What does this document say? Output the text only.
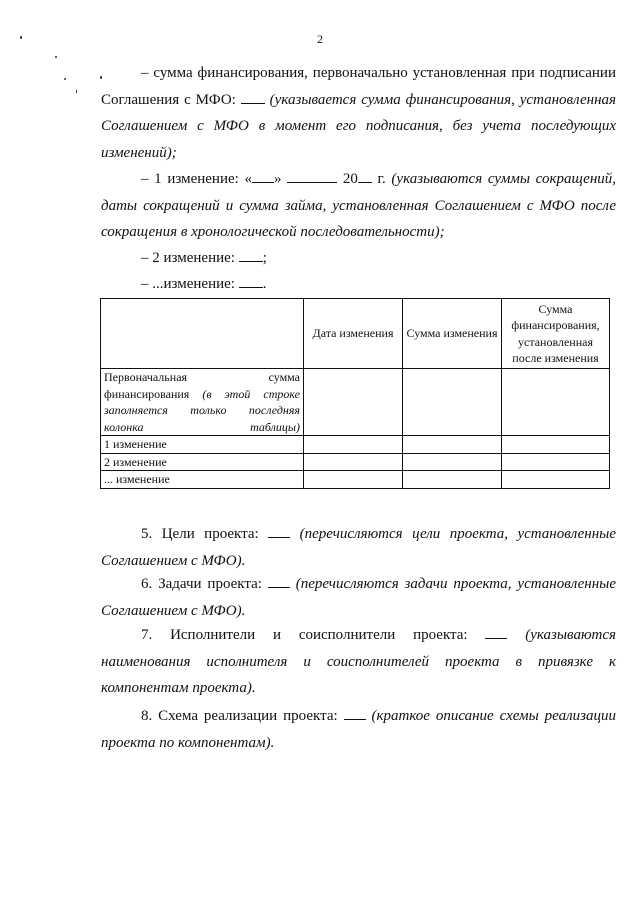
2
– сумма финансирования, первоначально установленная при подписании
Соглашения с МФО:  (указывается сумма финансирования, установленная
Соглашением с МФО в момент его подписания, без учета последующих
изменений);
– 1 изменение: « »	20 г. (указываются суммы сокращений,
даты сокращений и сумма займа, установленная Соглашением с МФО после
сокращения в хронологической последовательности);
– 2 изменение: ;
– ...изменение: .
	Дата изменения	Сумма изменения	Сумма финансирования, установленная после изменения
Первоначальная сумма финансирования (в этой строке заполняется только последняя колонка таблицы)			
1 изменение			
2 изменение			
... изменение			
5. Цели проекта:  (перечисляются цели проекта, установленные
Соглашением с МФО).
6. Задачи проекта:  (перечисляются задачи проекта, установленные
Соглашением с МФО).
7. Исполнители и соисполнители проекта:  (указываются
наименования исполнителя и соисполнителей проекта в привязке к
компонентам проекта).
8. Схема реализации проекта:  (краткое описание схемы реализации
проекта по компонентам).
